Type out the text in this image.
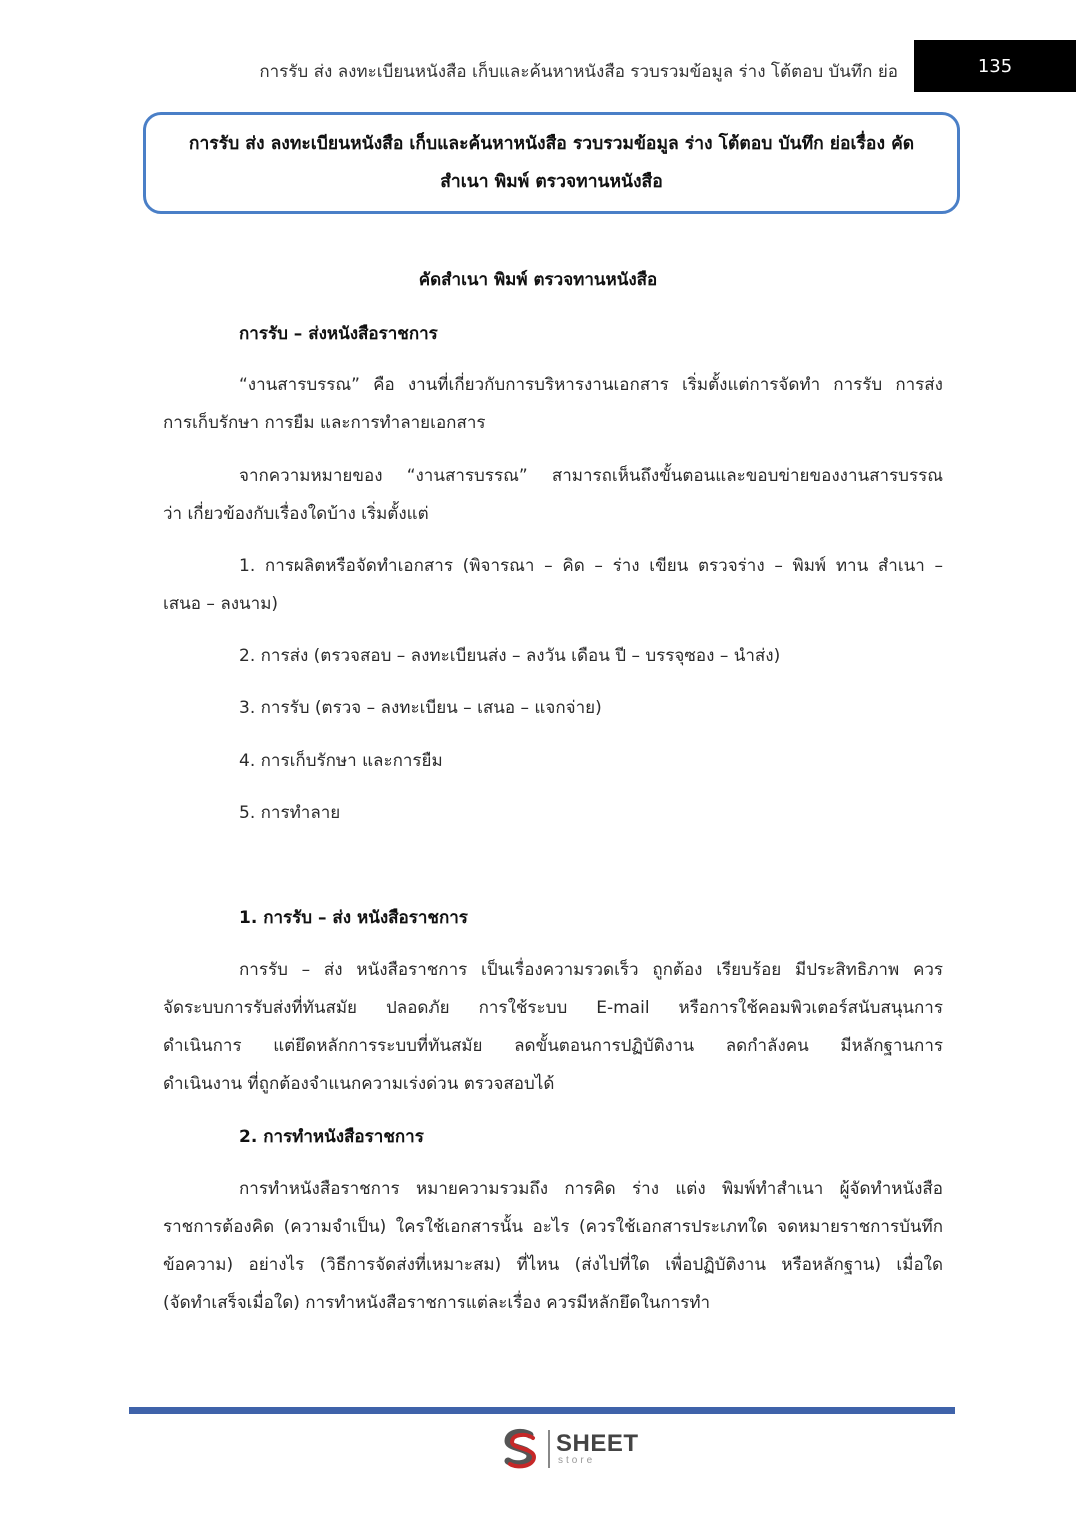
การรับ ส่ง ลงทะเบียนหนังสือ เก็บและค้นหาหนังสือ รวบรวมข้อมูล ร่าง โต้ตอบ บันทึก ย่อ	135
การรับ ส่ง ลงทะเบียนหนังสือ เก็บและค้นหาหนังสือ รวบรวมข้อมูล ร่าง โต้ตอบ บันทึก ย่อเรื่อง คัด
สำเนา พิมพ์ ตรวจทานหนังสือ
คัดสำเนา พิมพ์ ตรวจทานหนังสือ
การรับ – ส่งหนังสือราชการ
“งานสารบรรณ” คือ งานที่เกี่ยวกับการบริหารงานเอกสาร เริ่มตั้งแต่การจัดทำ การรับ การส่ง
การเก็บรักษา การยืม และการทำลายเอกสาร
จากความหมายของ “งานสารบรรณ” สามารถเห็นถึงขั้นตอนและขอบข่ายของงานสารบรรณ
ว่า เกี่ยวข้องกับเรื่องใดบ้าง เริ่มตั้งแต่
1. การผลิตหรือจัดทำเอกสาร (พิจารณา – คิด – ร่าง เขียน ตรวจร่าง – พิมพ์ ทาน สำเนา –
เสนอ – ลงนาม)
2. การส่ง (ตรวจสอบ – ลงทะเบียนส่ง – ลงวัน เดือน ปี – บรรจุซอง – นำส่ง)
3. การรับ (ตรวจ – ลงทะเบียน – เสนอ – แจกจ่าย)
4. การเก็บรักษา และการยืม
5. การทำลาย
1. การรับ – ส่ง หนังสือราชการ
การรับ – ส่ง หนังสือราชการ เป็นเรื่องความรวดเร็ว ถูกต้อง เรียบร้อย มีประสิทธิภาพ ควร
จัดระบบการรับส่งที่ทันสมัย ปลอดภัย การใช้ระบบ E-mail หรือการใช้คอมพิวเตอร์สนับสนุนการ
ดำเนินการ แต่ยึดหลักการระบบที่ทันสมัย ลดขั้นตอนการปฏิบัติงาน ลดกำลังคน มีหลักฐานการ
ดำเนินงาน ที่ถูกต้องจำแนกความเร่งด่วน ตรวจสอบได้
2. การทำหนังสือราชการ
การทำหนังสือราชการ หมายความรวมถึง การคิด ร่าง แต่ง พิมพ์ทำสำเนา ผู้จัดทำหนังสือ
ราชการต้องคิด (ความจำเป็น) ใครใช้เอกสารนั้น อะไร (ควรใช้เอกสารประเภทใด จดหมายราชการบันทึก
ข้อความ) อย่างไร (วิธีการจัดส่งที่เหมาะสม) ที่ไหน (ส่งไปที่ใด เพื่อปฏิบัติงาน หรือหลักฐาน) เมื่อใด
(จัดทำเสร็จเมื่อใด) การทำหนังสือราชการแต่ละเรื่อง ควรมีหลักยึดในการทำ
SHEET
store
